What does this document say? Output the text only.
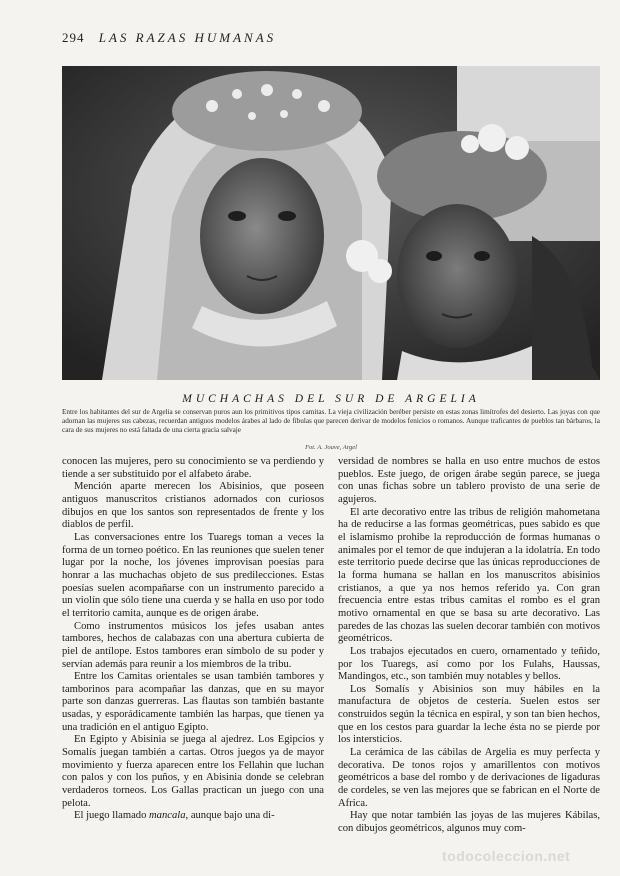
294 LAS RAZAS HUMANAS
MUCHACHAS DEL SUR DE ARGELIA
Entre los habitantes del sur de Argelia se conservan puros aun los primitivos tipos camitas. La vieja civilización beréber persiste en estas zonas limítrofes del desierto. Las joyas con que adornan las mujeres sus cabezas, recuerdan antiguos modelos árabes al lado de fíbulas que parecen derivar de modelos fenicios o romanos. Aunque traficantes de pueblos tan bárbaros, la cara de sus mujeres no está faltada de una cierta gracia salvaje
Fot. A. Jouve, Argel

conocen las mujeres, pero su conocimiento se va perdiendo y tiende a ser substituido por el alfabeto árabe.

Mención aparte merecen los Abisinios, que poseen antiguos manuscritos cristianos adornados con curiosos dibujos en que los santos son representados de frente y los diablos de perfil.

Las conversaciones entre los Tuaregs toman a veces la forma de un torneo poético. En las reuniones que suelen tener lugar por la noche, los jóvenes improvisan poesías para honrar a las muchachas objeto de sus predilecciones. Estas poesías suelen acompañarse con un instrumento parecido a un violín que sólo tiene una cuerda y se halla en uso por todo el territorio camita, aunque es de origen árabe.

Como instrumentos músicos los jefes usaban antes tambores, hechos de calabazas con una abertura cubierta de piel de antílope. Estos tambores eran símbolo de su poder y servían además para reunir a los miembros de la tribu.

Entre los Camitas orientales se usan también tambores y tamborinos para acompañar las danzas, que en su mayor parte son danzas guerreras. Las flautas son también bastante usadas, y esporádicamente también las harpas, que tienen ya una tradición en el antiguo Egipto.

En Egipto y Abisinia se juega al ajedrez. Los Egipcios y Somalís juegan también a cartas. Otros juegos ya de mayor movimiento y fuerza aparecen entre los Fellahin que luchan con palos y con los puños, y en Abisinia donde se celebran verdaderos torneos. Los Gallas practican un juego con una pelota.

El juego llamado mancala, aunque bajo una di-

versidad de nombres se halla en uso entre muchos de estos pueblos. Este juego, de origen árabe según parece, se juega con unas fichas sobre un tablero provisto de una serie de agujeros.

El arte decorativo entre las tribus de religión mahometana ha de reducirse a las formas geométricas, pues sabido es que el islamismo prohibe la reproducción de formas humanas o animales por el temor de que indujeran a la idolatría. En todo este territorio puede decirse que las únicas reproducciones de la forma humana se hallan en los manuscritos abisinios cristianos, a que ya nos hemos referido ya. Con gran frecuencia entre estas tribus camitas el rombo es el gran motivo ornamental en que se basa su arte decorativo. Las paredes de las chozas las suelen decorar también con motivos geométricos.

Los trabajos ejecutados en cuero, ornamentado y teñido, por los Tuaregs, así como por los Fulahs, Haussas, Mandingos, etc., son también muy notables y bellos.

Los Somalís y Abisinios son muy hábiles en la manufactura de objetos de cestería. Suelen estos ser construidos según la técnica en espiral, y son tan bien hechos, que en los cestos para guardar la leche ésta no se pierde por los intersticios.

La cerámica de las cábilas de Argelia es muy perfecta y decorativa. De tonos rojos y amarillentos con motivos geométricos a base del rombo y de derivaciones de ligaduras de cordeles, se ven las mejores que se fabrican en el Norte de Africa.

Hay que notar también las joyas de las mujeres Kábilas, con dibujos geométricos, algunos muy com-

todocoleccion.net
